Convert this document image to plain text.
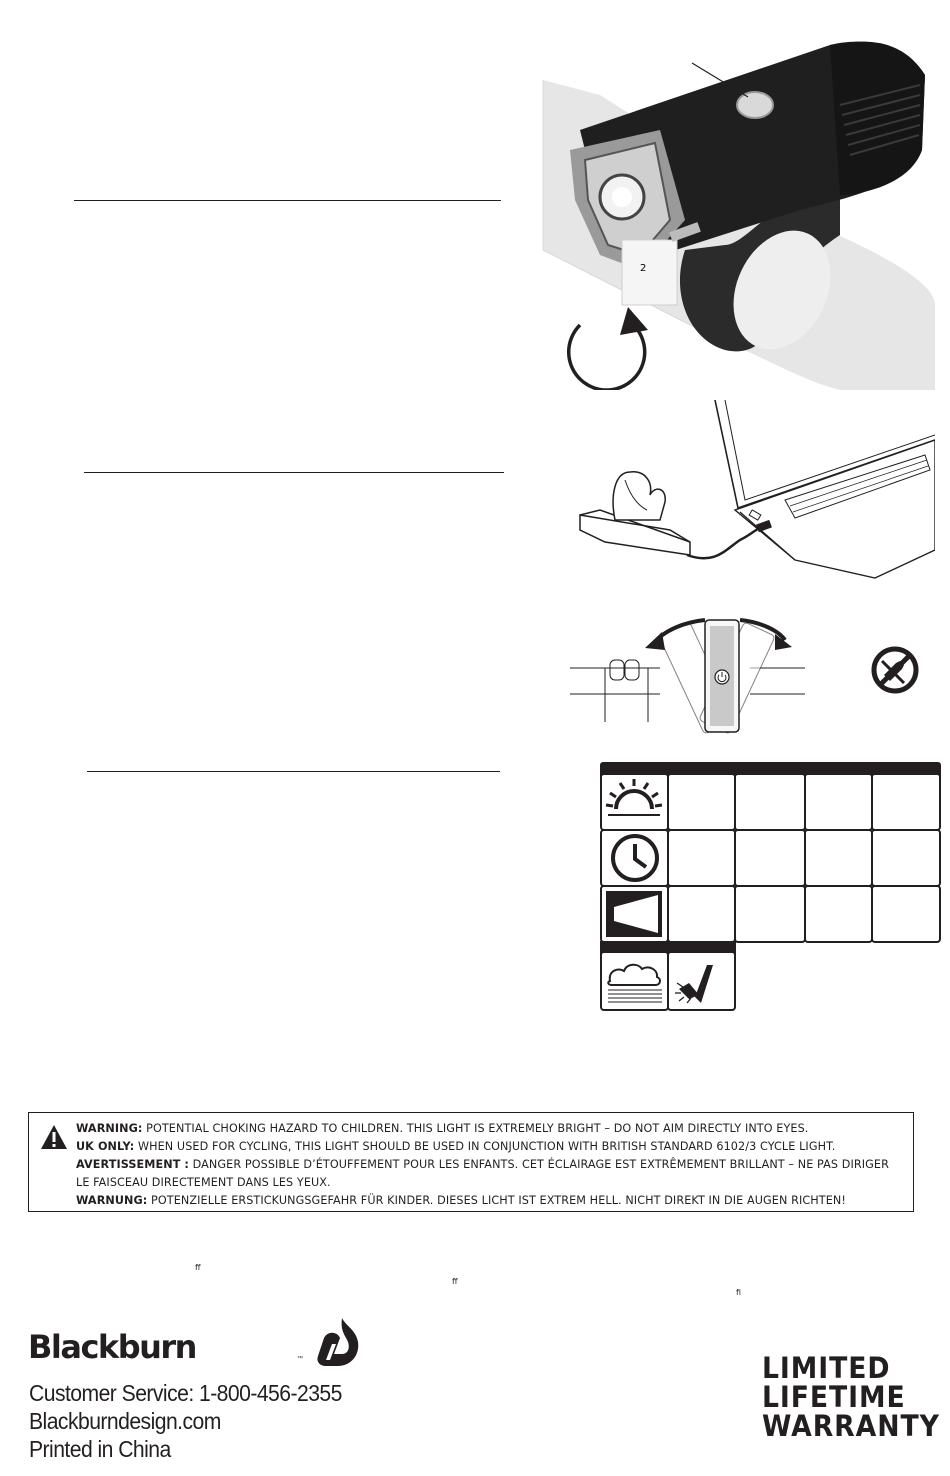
2

WARNING: POTENTIAL CHOKING HAZARD TO CHILDREN. THIS LIGHT IS EXTREMELY BRIGHT – DO NOT AIM DIRECTLY INTO EYES.

UK ONLY: WHEN USED FOR CYCLING, THIS LIGHT SHOULD BE USED IN CONJUNCTION WITH BRITISH STANDARD 6102/3 CYCLE LIGHT.

AVERTISSEMENT : DANGER POSSIBLE D’ÉTOUFFEMENT POUR LES ENFANTS. CET ÉCLAIRAGE EST EXTRÊMEMENT BRILLANT – NE PAS DIRIGER LE FAISCEAU DIRECTEMENT DANS LES YEUX.

WARNUNG: POTENZIELLE ERSTICKUNGSGEFAHR FÜR KINDER. DIESES LICHT IST EXTREM HELL. NICHT DIREKT IN DIE AUGEN RICHTEN!

ff
ff
fi
Blackburn	™
Customer Service: 1-800-456-2355
Blackburndesign.com
Printed in China
LIMITED
LIFETIME
WARRANTY
